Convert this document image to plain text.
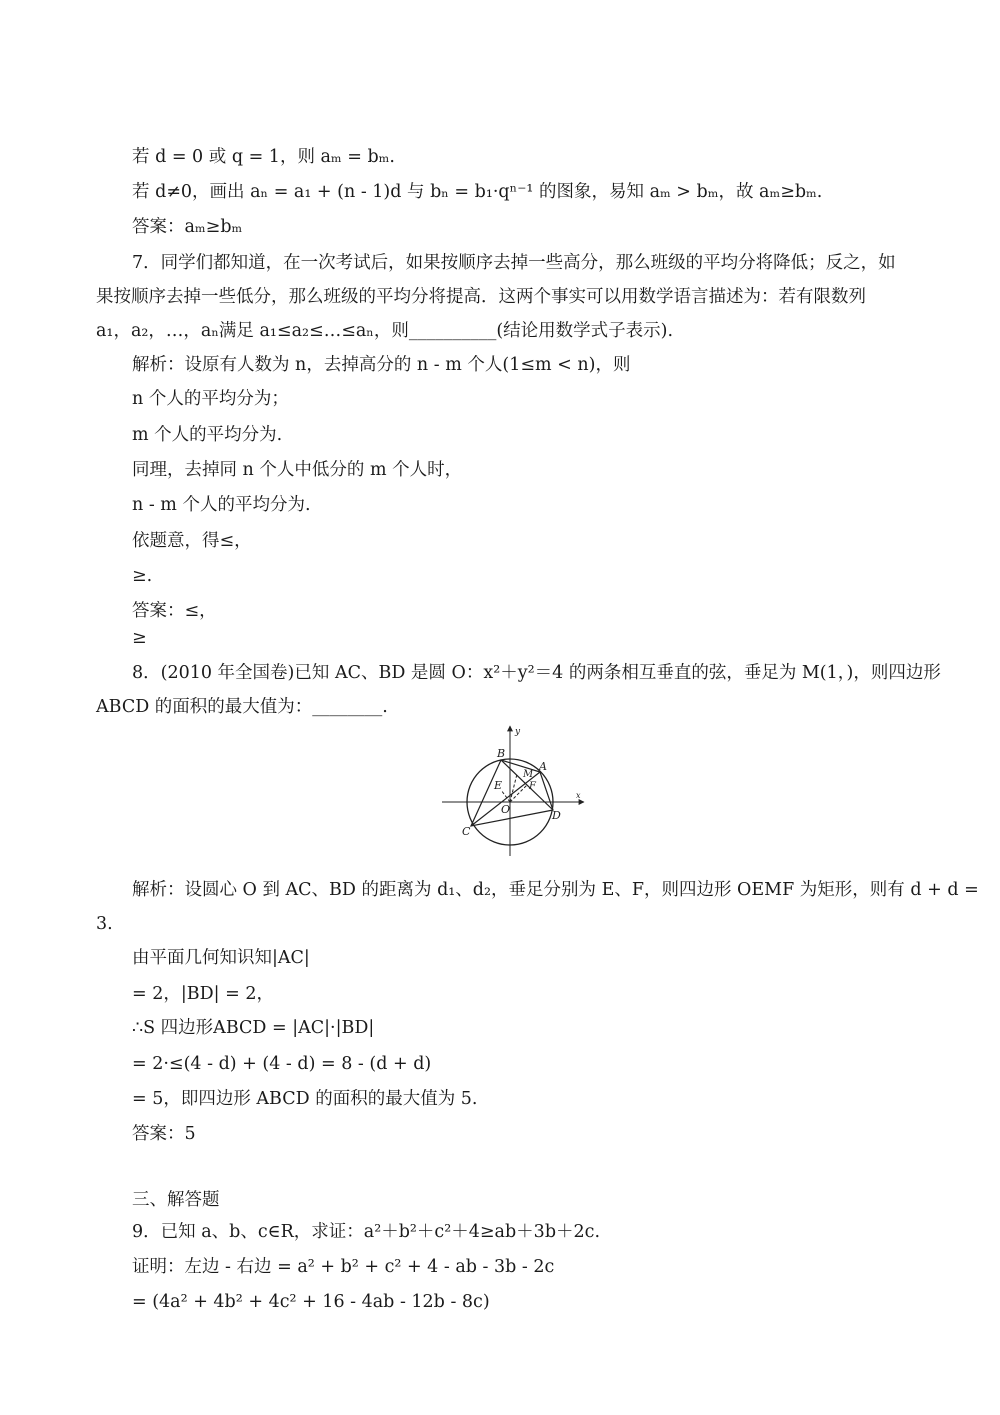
若 d = 0 或 q = 1，则 aₘ = bₘ.
若 d≠0，画出 aₙ = a₁ + (n - 1)d 与 bₙ = b₁·qⁿ⁻¹ 的图象，易知 aₘ > bₘ，故 aₘ≥bₘ.
答案：aₘ≥bₘ
7．同学们都知道，在一次考试后，如果按顺序去掉一些高分，那么班级的平均分将降低；反之，如
果按顺序去掉一些低分，那么班级的平均分将提高．这两个事实可以用数学语言描述为：若有限数列
a₁，a₂，…，aₙ满足 a₁≤a₂≤…≤aₙ，则__________(结论用数学式子表示).
解析：设原有人数为 n，去掉高分的 n - m 个人(1≤m < n)，则
n 个人的平均分为；
m 个人的平均分为.
同理，去掉同 n 个人中低分的 m 个人时，
n - m 个人的平均分为.
依题意，得≤，
≥.
答案：≤，
≥
8．(2010 年全国卷)已知 AC、BD 是圆 O：x²＋y²＝4 的两条相互垂直的弦，垂足为 M(1，)，则四边形
ABCD 的面积的最大值为：________.
B
A
M
E	F
O
C
D
x
y
解析：设圆心 O 到 AC、BD 的距离为 d₁、d₂，垂足分别为 E、F，则四边形 OEMF 为矩形，则有 d + d =
3.
由平面几何知识知|AC|
= 2，|BD| = 2，
∴S 四边形ABCD = |AC|·|BD|
= 2·≤(4 - d) + (4 - d) = 8 - (d + d)
= 5，即四边形 ABCD 的面积的最大值为 5.
答案：5
三、解答题
9．已知 a、b、c∈R，求证：a²＋b²＋c²＋4≥ab＋3b＋2c.
证明：左边 - 右边 = a² + b² + c² + 4 - ab - 3b - 2c
= (4a² + 4b² + 4c² + 16 - 4ab - 12b - 8c)
